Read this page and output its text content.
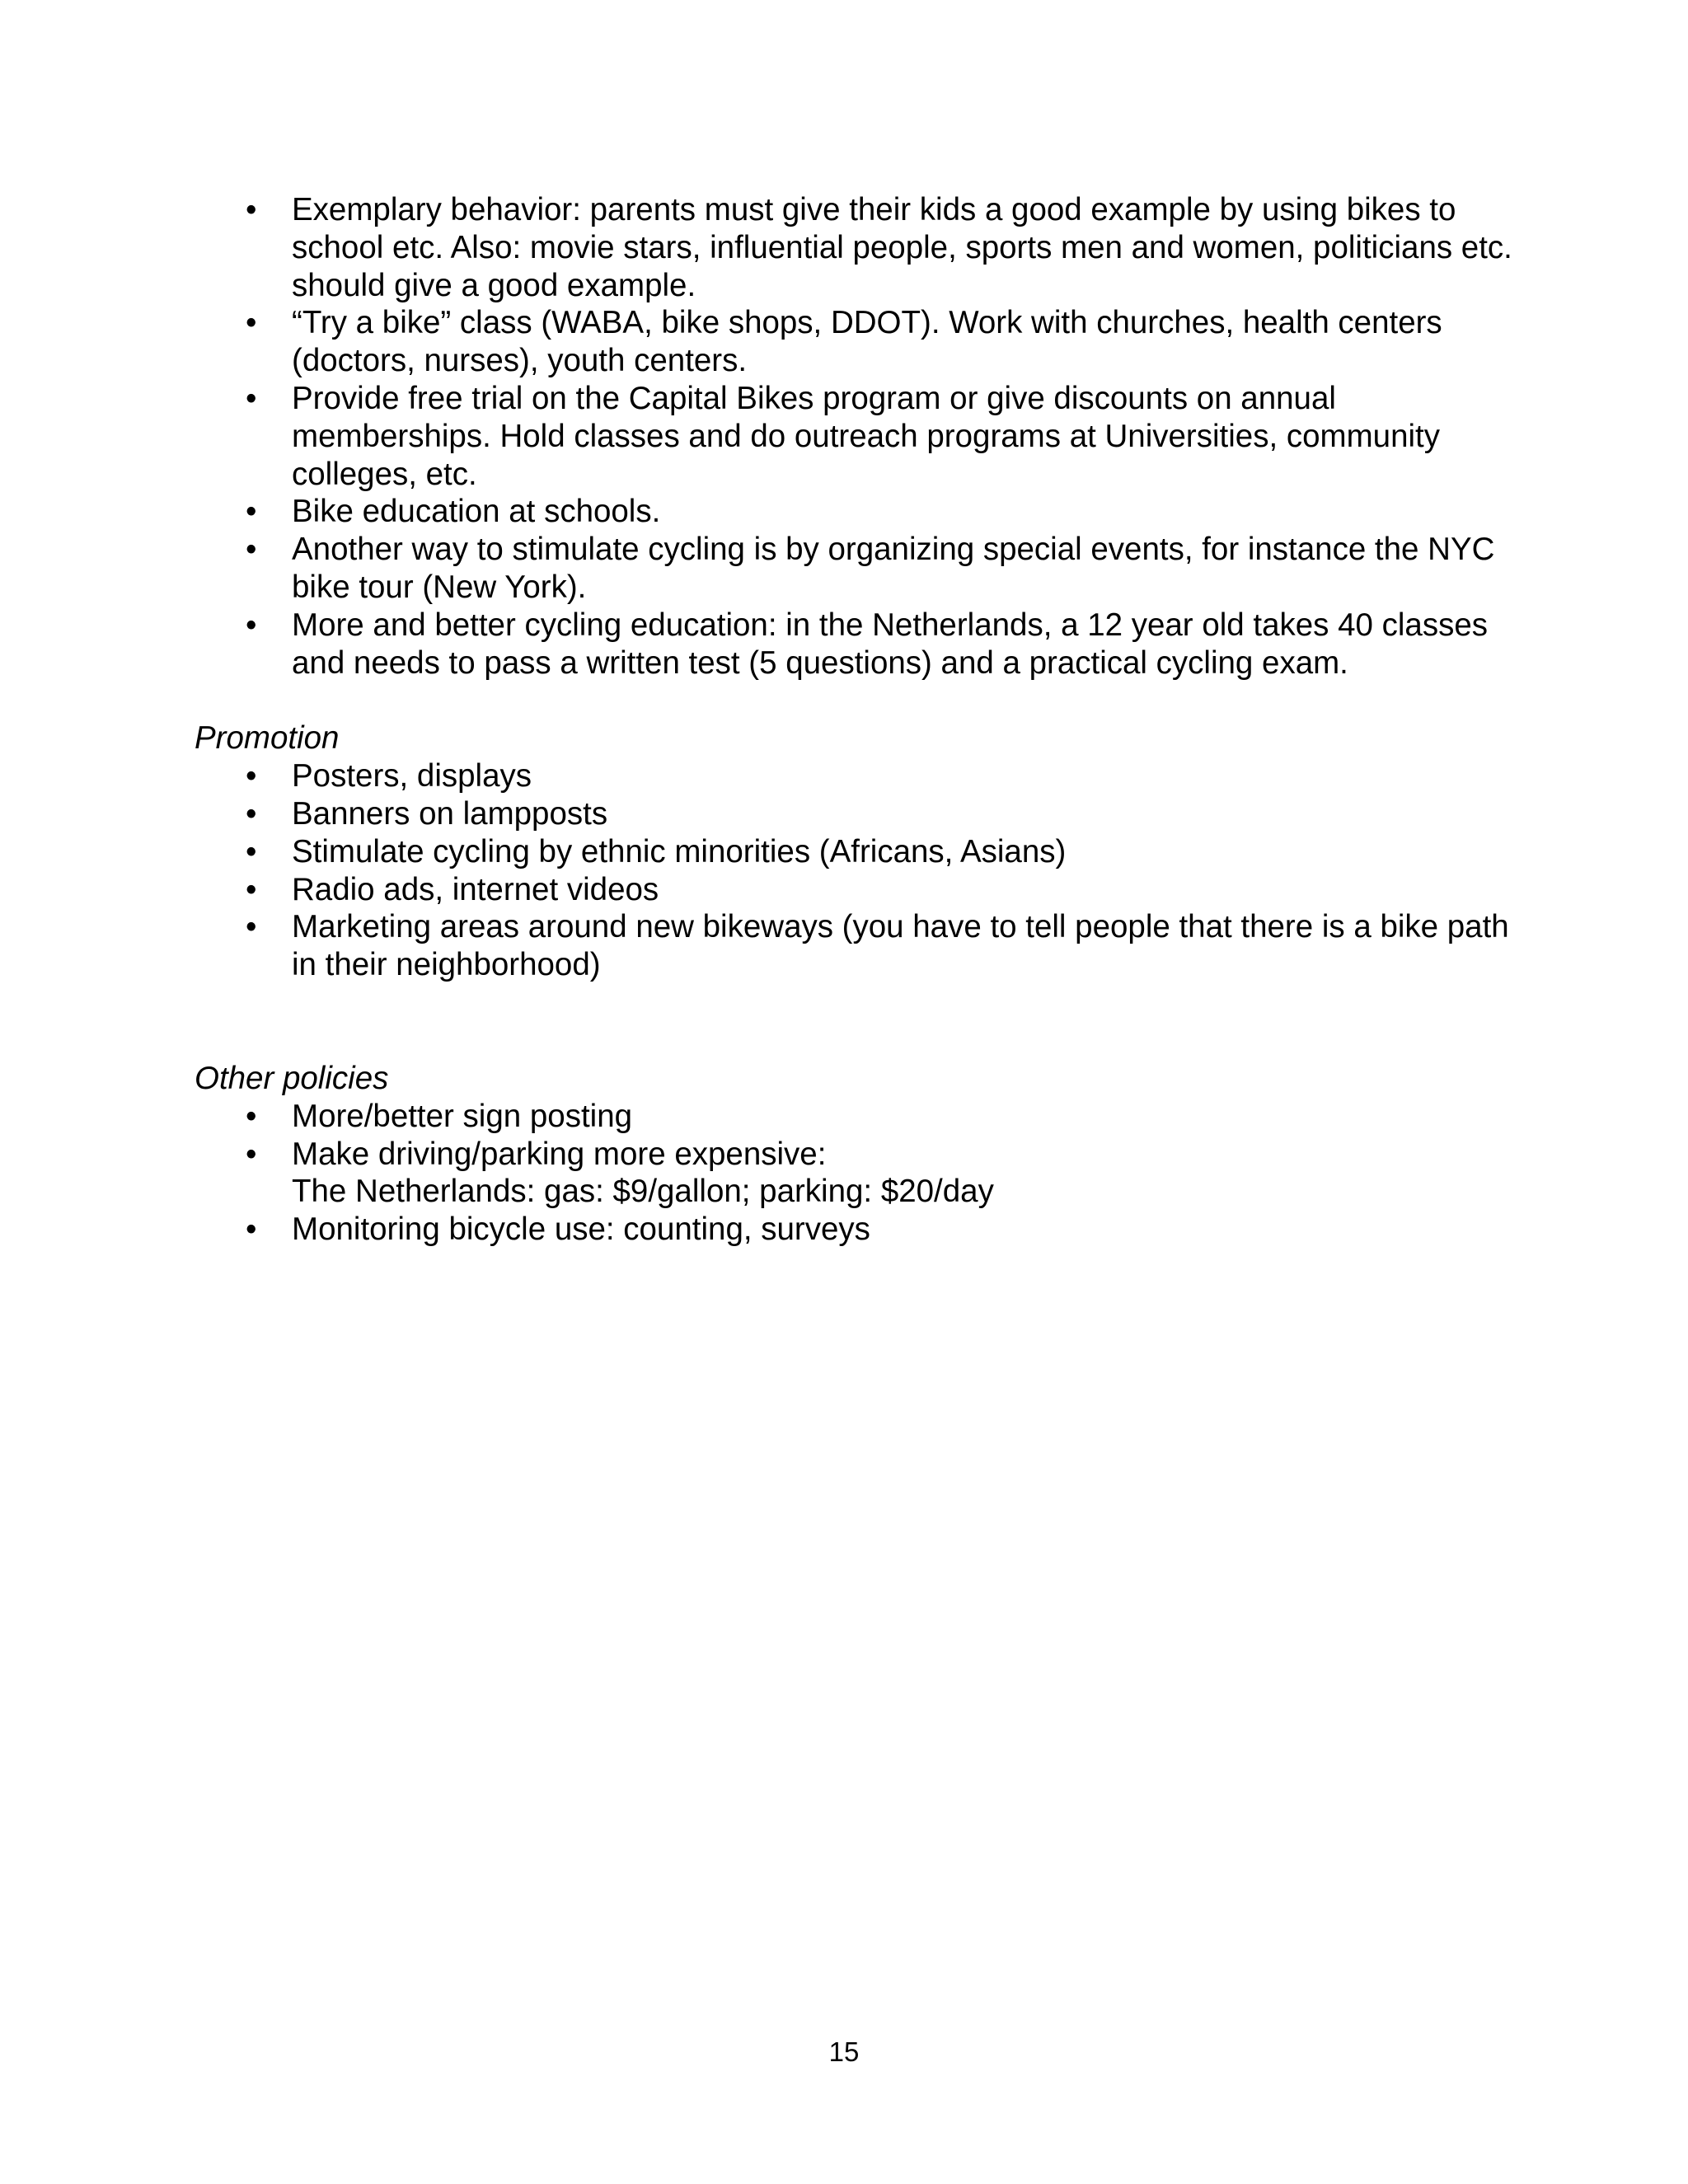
• Exemplary behavior: parents must give their kids a good example by using bikes to school etc. Also: movie stars, influential people, sports men and women, politicians etc. should give a good example.
• “Try a bike” class (WABA, bike shops, DDOT). Work with churches, health centers (doctors, nurses), youth centers.
• Provide free trial on the Capital Bikes program or give discounts on annual memberships. Hold classes and do outreach programs at Universities, community colleges, etc.
• Bike education at schools.
• Another way to stimulate cycling is by organizing special events, for instance the NYC bike tour (New York).
• More and better cycling education: in the Netherlands, a 12 year old takes 40 classes and needs to pass a written test (5 questions) and a practical cycling exam.

Promotion

• Posters, displays
• Banners on lampposts
• Stimulate cycling by ethnic minorities (Africans, Asians)
• Radio ads, internet videos
• Marketing areas around new bikeways (you have to tell people that there is a bike path in their neighborhood)

Other policies

• More/better sign posting
• Make driving/parking more expensive:
The Netherlands: gas: $9/gallon; parking: $20/day
• Monitoring bicycle use: counting, surveys
15
